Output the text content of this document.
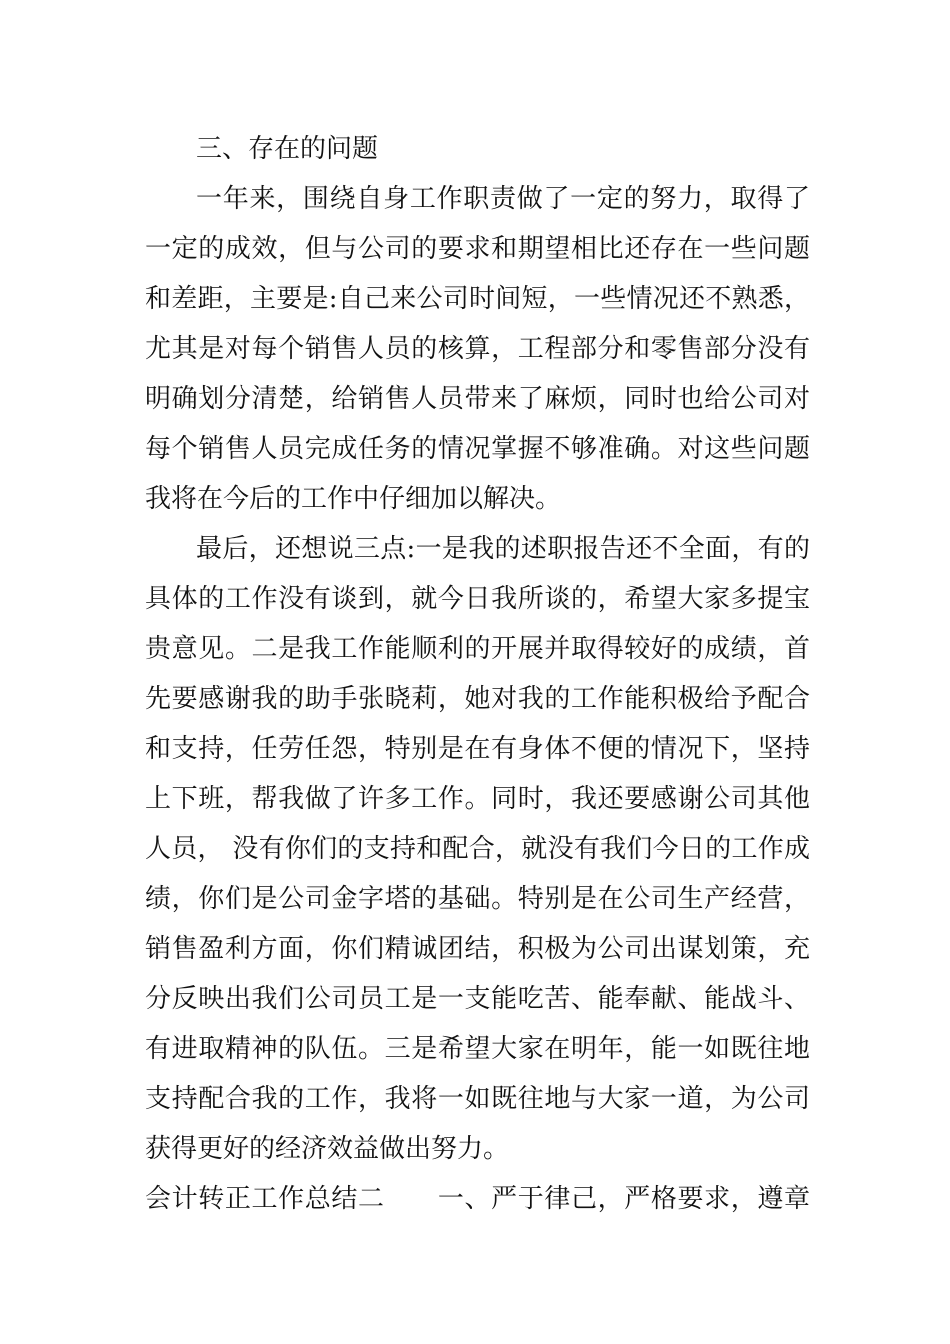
三、存在的问题
一年来，围绕自身工作职责做了一定的努力，取得了
一定的成效，但与公司的要求和期望相比还存在一些问题
和差距，主要是:自己来公司时间短，一些情况还不熟悉，
尤其是对每个销售人员的核算，工程部分和零售部分没有
明确划分清楚，给销售人员带来了麻烦，同时也给公司对
每个销售人员完成任务的情况掌握不够准确。对这些问题
我将在今后的工作中仔细加以解决。
最后，还想说三点:一是我的述职报告还不全面，有的
具体的工作没有谈到，就今日我所谈的，希望大家多提宝
贵意见。二是我工作能顺利的开展并取得较好的成绩，首
先要感谢我的助手张晓莉，她对我的工作能积极给予配合
和支持，任劳任怨，特别是在有身体不便的情况下，坚持
上下班，帮我做了许多工作。同时，我还要感谢公司其他
人员， 没有你们的支持和配合，就没有我们今日的工作成
绩，你们是公司金字塔的基础。特别是在公司生产经营，
销售盈利方面，你们精诚团结，积极为公司出谋划策，充
分反映出我们公司员工是一支能吃苦、能奉献、能战斗、
有进取精神的队伍。三是希望大家在明年，能一如既往地
支持配合我的工作，我将一如既往地与大家一道，为公司
获得更好的经济效益做出努力。
会计转正工作总结二　　一、严于律己，严格要求，遵章
